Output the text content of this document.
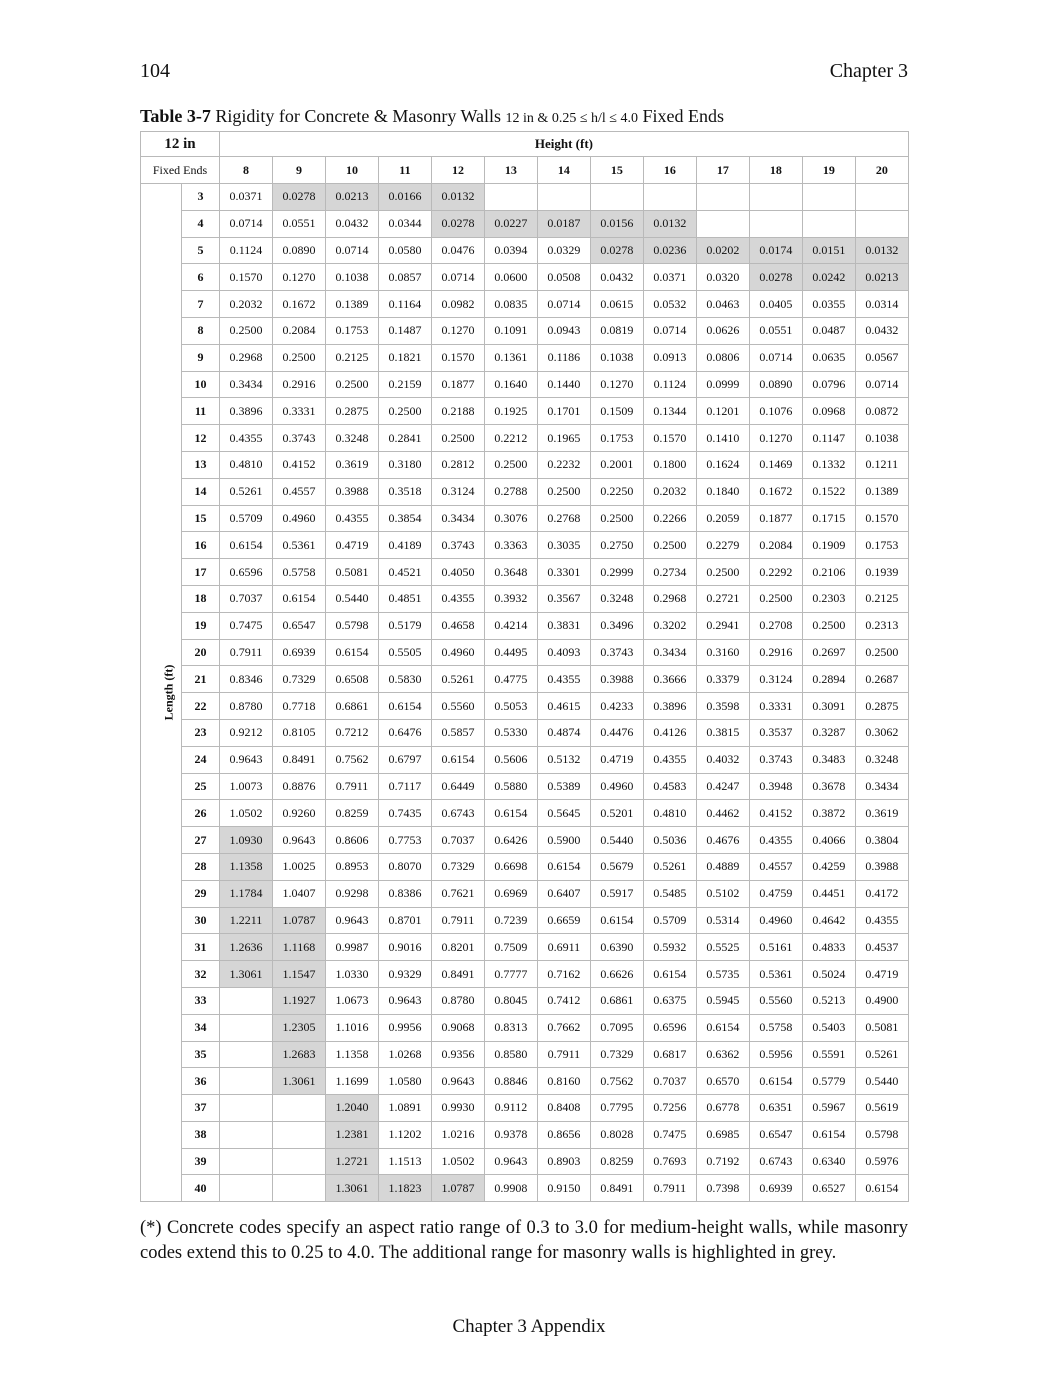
104	Chapter 3
Table 3-7 Rigidity for Concrete & Masonry Walls 12 in & 0.25 ≤ h/l ≤ 4.0 Fixed Ends
12 in		Height (ft)												
Fixed Ends		8	9	10	11	12	13	14	15	16	17	18	19	20
Length (ft)	3	0.0371	0.0278	0.0213	0.0166	0.0132								
	4	0.0714	0.0551	0.0432	0.0344	0.0278	0.0227	0.0187	0.0156	0.0132				
	5	0.1124	0.0890	0.0714	0.0580	0.0476	0.0394	0.0329	0.0278	0.0236	0.0202	0.0174	0.0151	0.0132
	6	0.1570	0.1270	0.1038	0.0857	0.0714	0.0600	0.0508	0.0432	0.0371	0.0320	0.0278	0.0242	0.0213
	7	0.2032	0.1672	0.1389	0.1164	0.0982	0.0835	0.0714	0.0615	0.0532	0.0463	0.0405	0.0355	0.0314
	8	0.2500	0.2084	0.1753	0.1487	0.1270	0.1091	0.0943	0.0819	0.0714	0.0626	0.0551	0.0487	0.0432
	9	0.2968	0.2500	0.2125	0.1821	0.1570	0.1361	0.1186	0.1038	0.0913	0.0806	0.0714	0.0635	0.0567
	10	0.3434	0.2916	0.2500	0.2159	0.1877	0.1640	0.1440	0.1270	0.1124	0.0999	0.0890	0.0796	0.0714
	11	0.3896	0.3331	0.2875	0.2500	0.2188	0.1925	0.1701	0.1509	0.1344	0.1201	0.1076	0.0968	0.0872
	12	0.4355	0.3743	0.3248	0.2841	0.2500	0.2212	0.1965	0.1753	0.1570	0.1410	0.1270	0.1147	0.1038
	13	0.4810	0.4152	0.3619	0.3180	0.2812	0.2500	0.2232	0.2001	0.1800	0.1624	0.1469	0.1332	0.1211
	14	0.5261	0.4557	0.3988	0.3518	0.3124	0.2788	0.2500	0.2250	0.2032	0.1840	0.1672	0.1522	0.1389
	15	0.5709	0.4960	0.4355	0.3854	0.3434	0.3076	0.2768	0.2500	0.2266	0.2059	0.1877	0.1715	0.1570
	16	0.6154	0.5361	0.4719	0.4189	0.3743	0.3363	0.3035	0.2750	0.2500	0.2279	0.2084	0.1909	0.1753
	17	0.6596	0.5758	0.5081	0.4521	0.4050	0.3648	0.3301	0.2999	0.2734	0.2500	0.2292	0.2106	0.1939
	18	0.7037	0.6154	0.5440	0.4851	0.4355	0.3932	0.3567	0.3248	0.2968	0.2721	0.2500	0.2303	0.2125
	19	0.7475	0.6547	0.5798	0.5179	0.4658	0.4214	0.3831	0.3496	0.3202	0.2941	0.2708	0.2500	0.2313
	20	0.7911	0.6939	0.6154	0.5505	0.4960	0.4495	0.4093	0.3743	0.3434	0.3160	0.2916	0.2697	0.2500
	21	0.8346	0.7329	0.6508	0.5830	0.5261	0.4775	0.4355	0.3988	0.3666	0.3379	0.3124	0.2894	0.2687
	22	0.8780	0.7718	0.6861	0.6154	0.5560	0.5053	0.4615	0.4233	0.3896	0.3598	0.3331	0.3091	0.2875
	23	0.9212	0.8105	0.7212	0.6476	0.5857	0.5330	0.4874	0.4476	0.4126	0.3815	0.3537	0.3287	0.3062
	24	0.9643	0.8491	0.7562	0.6797	0.6154	0.5606	0.5132	0.4719	0.4355	0.4032	0.3743	0.3483	0.3248
	25	1.0073	0.8876	0.7911	0.7117	0.6449	0.5880	0.5389	0.4960	0.4583	0.4247	0.3948	0.3678	0.3434
	26	1.0502	0.9260	0.8259	0.7435	0.6743	0.6154	0.5645	0.5201	0.4810	0.4462	0.4152	0.3872	0.3619
	27	1.0930	0.9643	0.8606	0.7753	0.7037	0.6426	0.5900	0.5440	0.5036	0.4676	0.4355	0.4066	0.3804
	28	1.1358	1.0025	0.8953	0.8070	0.7329	0.6698	0.6154	0.5679	0.5261	0.4889	0.4557	0.4259	0.3988
	29	1.1784	1.0407	0.9298	0.8386	0.7621	0.6969	0.6407	0.5917	0.5485	0.5102	0.4759	0.4451	0.4172
	30	1.2211	1.0787	0.9643	0.8701	0.7911	0.7239	0.6659	0.6154	0.5709	0.5314	0.4960	0.4642	0.4355
	31	1.2636	1.1168	0.9987	0.9016	0.8201	0.7509	0.6911	0.6390	0.5932	0.5525	0.5161	0.4833	0.4537
	32	1.3061	1.1547	1.0330	0.9329	0.8491	0.7777	0.7162	0.6626	0.6154	0.5735	0.5361	0.5024	0.4719
	33		1.1927	1.0673	0.9643	0.8780	0.8045	0.7412	0.6861	0.6375	0.5945	0.5560	0.5213	0.4900
	34		1.2305	1.1016	0.9956	0.9068	0.8313	0.7662	0.7095	0.6596	0.6154	0.5758	0.5403	0.5081
	35		1.2683	1.1358	1.0268	0.9356	0.8580	0.7911	0.7329	0.6817	0.6362	0.5956	0.5591	0.5261
	36		1.3061	1.1699	1.0580	0.9643	0.8846	0.8160	0.7562	0.7037	0.6570	0.6154	0.5779	0.5440
	37			1.2040	1.0891	0.9930	0.9112	0.8408	0.7795	0.7256	0.6778	0.6351	0.5967	0.5619
	38			1.2381	1.1202	1.0216	0.9378	0.8656	0.8028	0.7475	0.6985	0.6547	0.6154	0.5798
	39			1.2721	1.1513	1.0502	0.9643	0.8903	0.8259	0.7693	0.7192	0.6743	0.6340	0.5976
	40			1.3061	1.1823	1.0787	0.9908	0.9150	0.8491	0.7911	0.7398	0.6939	0.6527	0.6154
(*) Concrete codes specify an aspect ratio range of 0.3 to 3.0 for medium-height walls, while masonry codes extend this to 0.25 to 4.0. The additional range for masonry walls is highlighted in grey.
Chapter 3 Appendix
